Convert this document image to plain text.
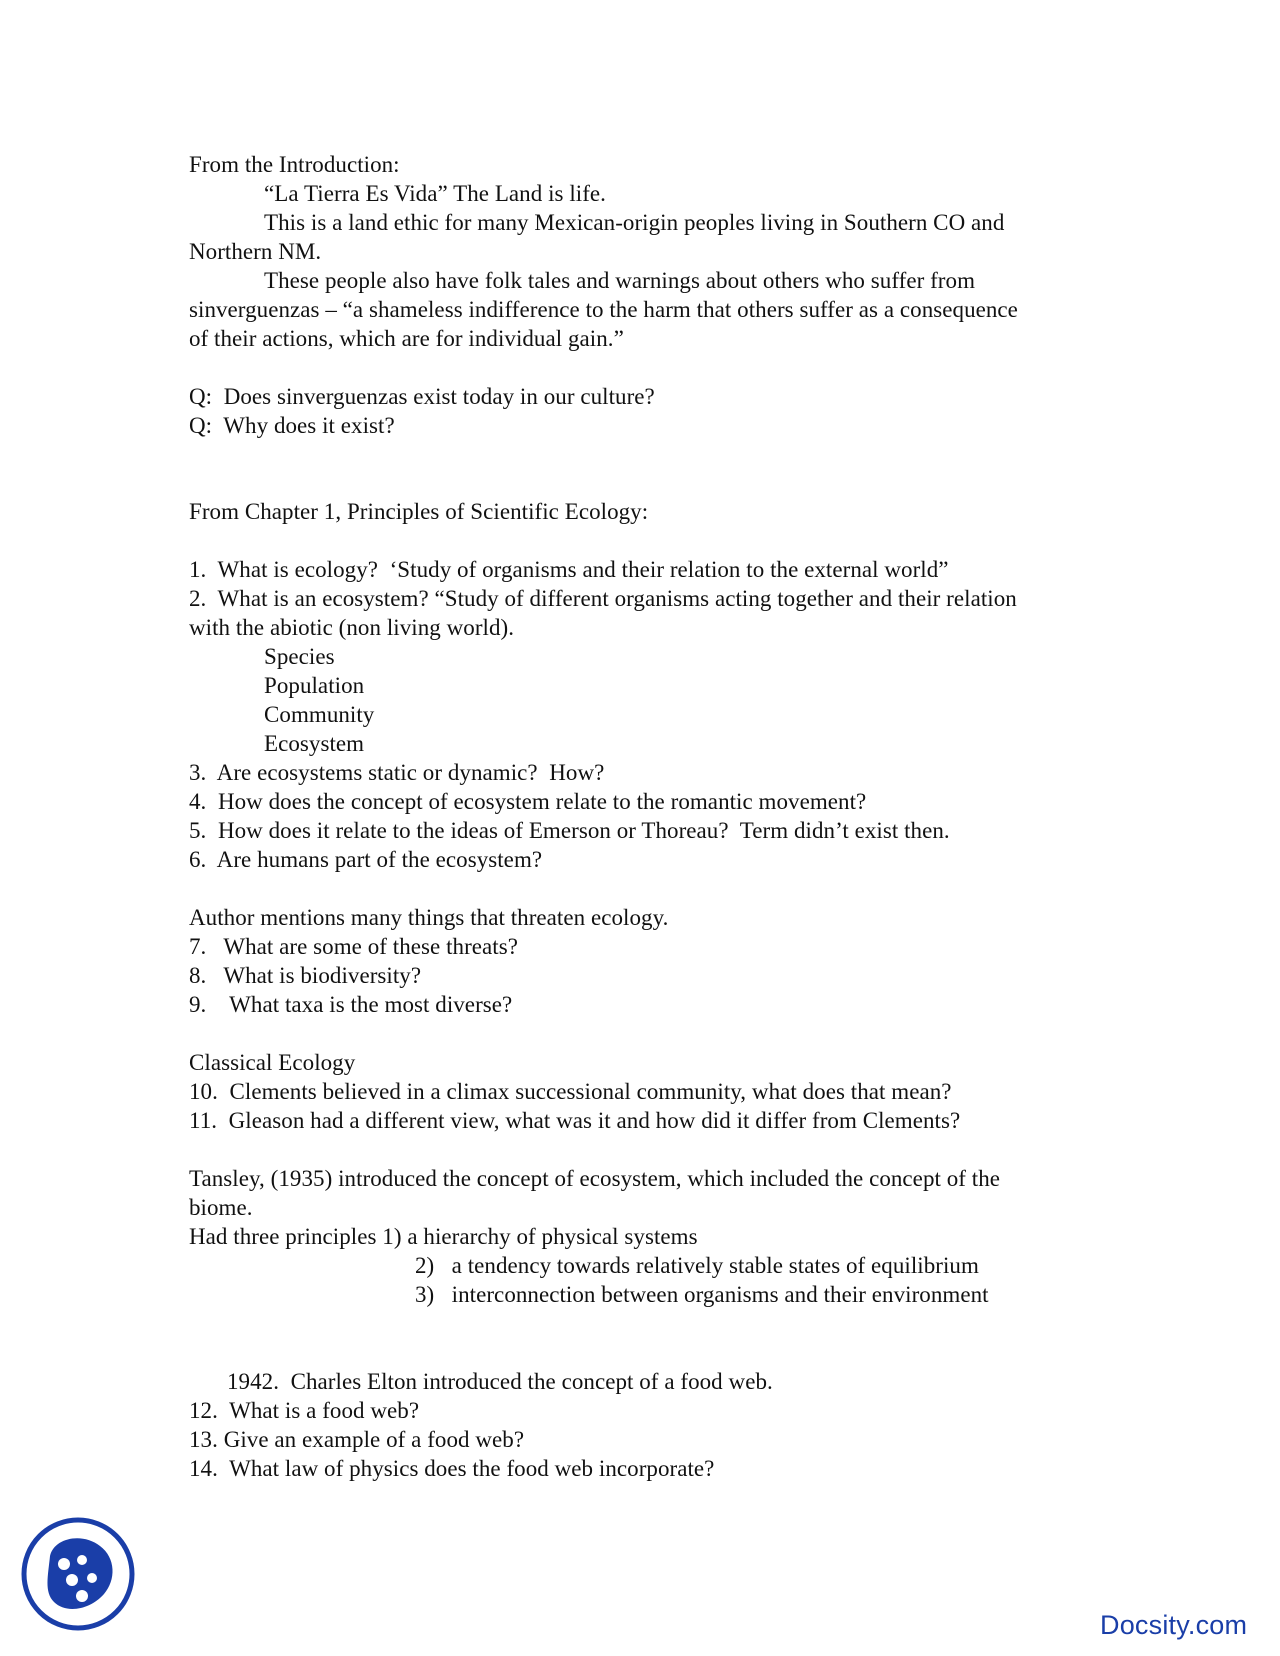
From the Introduction:

“La Tierra Es Vida” The Land is life.

This is a land ethic for many Mexican-origin peoples living in Southern CO and

Northern NM.

These people also have folk tales and warnings about others who suffer from

sinverguenzas – “a shameless indifference to the harm that others suffer as a consequence

of their actions, which are for individual gain.”

Q:  Does sinverguenzas exist today in our culture?

Q:  Why does it exist?

From Chapter 1, Principles of Scientific Ecology:

1.  What is ecology?  ‘Study of organisms and their relation to the external world”

2.  What is an ecosystem? “Study of different organisms acting together and their relation

with the abiotic (non living world).

Species

Population

Community

Ecosystem

3.  Are ecosystems static or dynamic?  How?

4.  How does the concept of ecosystem relate to the romantic movement?

5.  How does it relate to the ideas of Emerson or Thoreau?  Term didn’t exist then.

6.  Are humans part of the ecosystem?

Author mentions many things that threaten ecology.

7.   What are some of these threats?

8.   What is biodiversity?

9.    What taxa is the most diverse?

Classical Ecology

10.  Clements believed in a climax successional community, what does that mean?

11.  Gleason had a different view, what was it and how did it differ from Clements?

Tansley, (1935) introduced the concept of ecosystem, which included the concept of the

biome.

Had three principles 1) a hierarchy of physical systems

2)   a tendency towards relatively stable states of equilibrium

3)   interconnection between organisms and their environment

1942.  Charles Elton introduced the concept of a food web.

12.  What is a food web?

13. Give an example of a food web?

14.  What law of physics does the food web incorporate?

Docsity.com
